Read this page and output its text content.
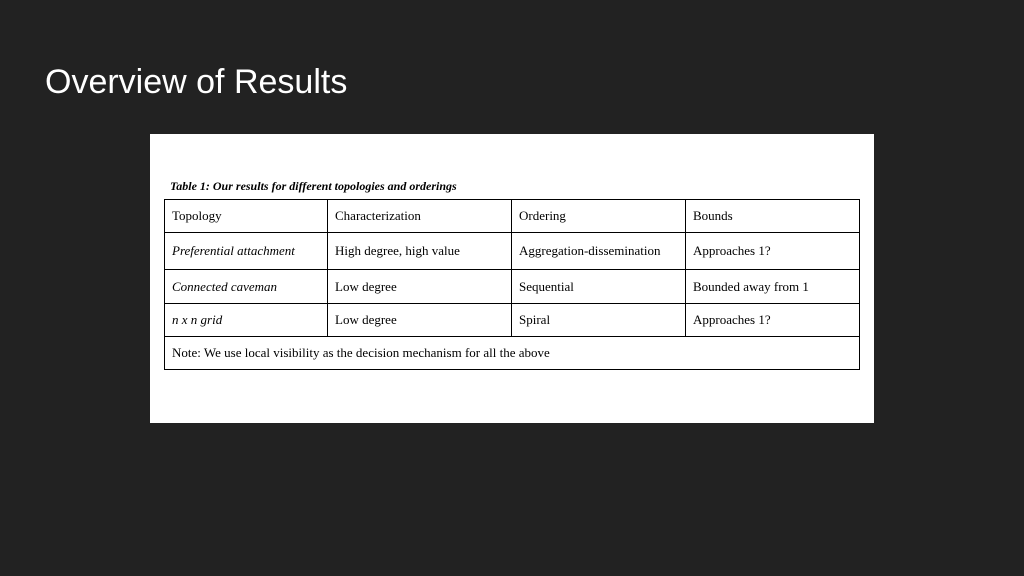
Overview of Results
Table 1: Our results for different topologies and orderings
Topology	Characterization	Ordering	Bounds
Preferential attachment	High degree, high value	Aggregation-dissemination	Approaches 1?
Connected caveman	Low degree	Sequential	Bounded away from 1
n x n grid	Low degree	Spiral	Approaches 1?
Note: We use local visibility as the decision mechanism for all the above			
